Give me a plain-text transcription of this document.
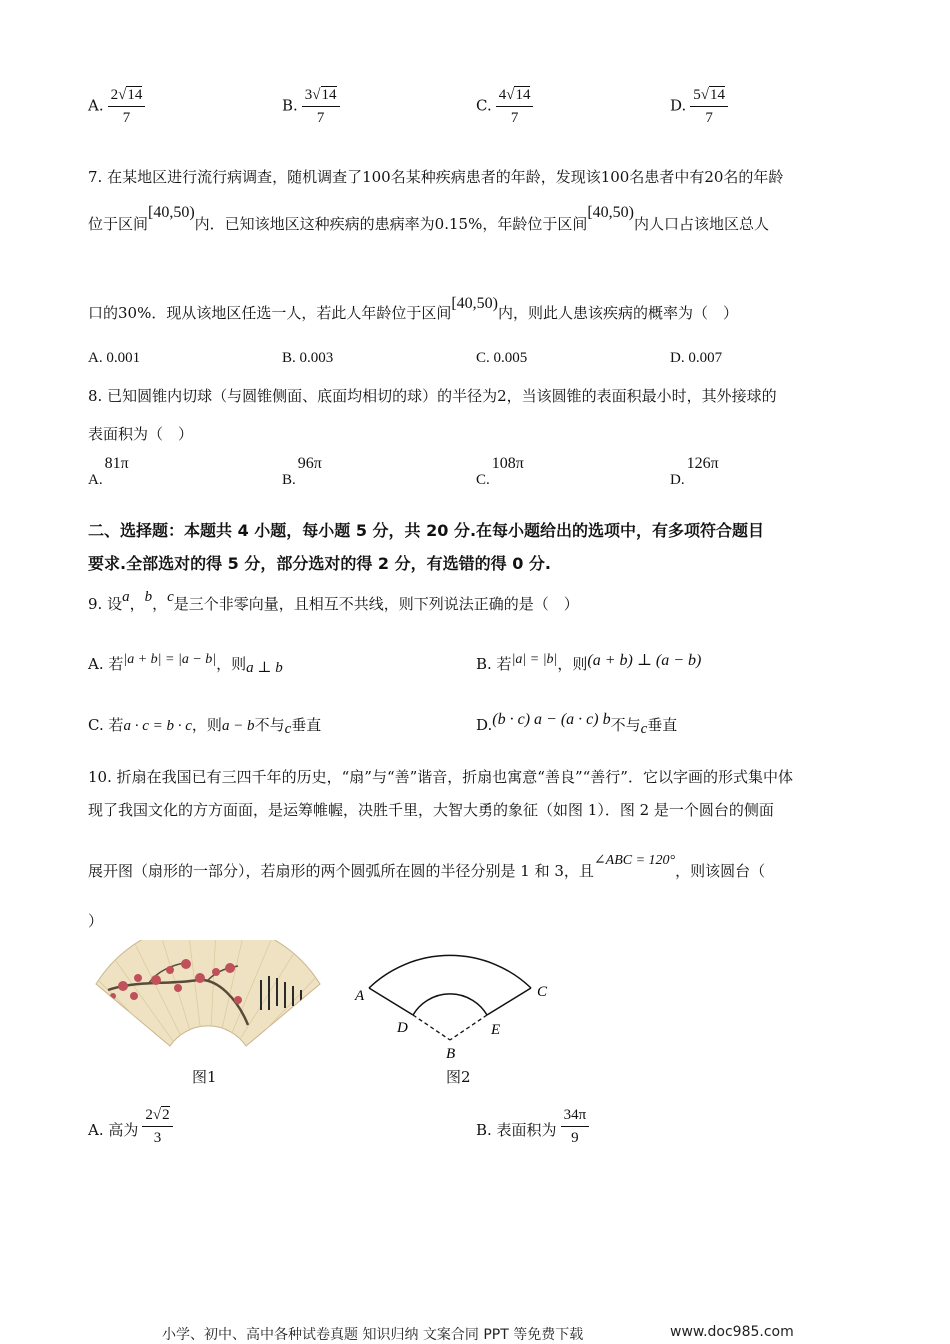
A. $\frac{2√14}{7}$	B. $\frac{3√14}{7}$	C. $\frac{4√14}{7}$	D. $\frac{5√14}{7}$
7. 在某地区进行流行病调查，随机调查了100名某种疾病患者的年龄，发现该100名患者中有20名的年龄
位于区间[40,50)内．已知该地区这种疾病的患病率为0.15%，年龄位于区间[40,50)内人口占该地区总人
口的30%．现从该地区任选一人，若此人年龄位于区间[40,50)内，则此人患该疾病的概率为（　）
A. 0.001	B. 0.003	C. 0.005	D. 0.007
8. 已知圆锥内切球（与圆锥侧面、底面均相切的球）的半径为2，当该圆锥的表面积最小时，其外接球的
表面积为（　）
A.81π
B.96π
C.108π
D.126π
二、选择题：本题共 4 小题，每小题 5 分，共 20 分.在每小题给出的选项中，有多项符合题目
要求.全部选对的得 5 分，部分选对的得 2 分，有选错的得 0 分.
9. 设a，b，c是三个非零向量，且相互不共线，则下列说法正确的是（　）
A. 若|a + b| = |a − b|，则a ⊥ b	B. 若|a| = |b|，则(a + b) ⊥ (a − b)
C. 若a · c = b · c，则a − b不与c垂直	D.(b · c) a − (a · c) b不与c垂直
10. 折扇在我国已有三四千年的历史，“扇”与“善”谐音，折扇也寓意“善良”“善行”．它以字画的形式集中体
现了我国文化的方方面面，是运筹帷幄，决胜千里，大智大勇的象征（如图 1）．图 2 是一个圆台的侧面
展开图（扇形的一部分），若扇形的两个圆弧所在圆的半径分别是 1 和 3，且∠ABC = 120°，则该圆台（
）
图1
A	C
D	E
B
图2
A. 高为 $\frac{2√2}{3}$	B. 表面积为 $\frac{34\pi}{9}$
小学、初中、高中各种试卷真题 知识归纳 文案合同 PPT 等免费下载	www.doc985.com
